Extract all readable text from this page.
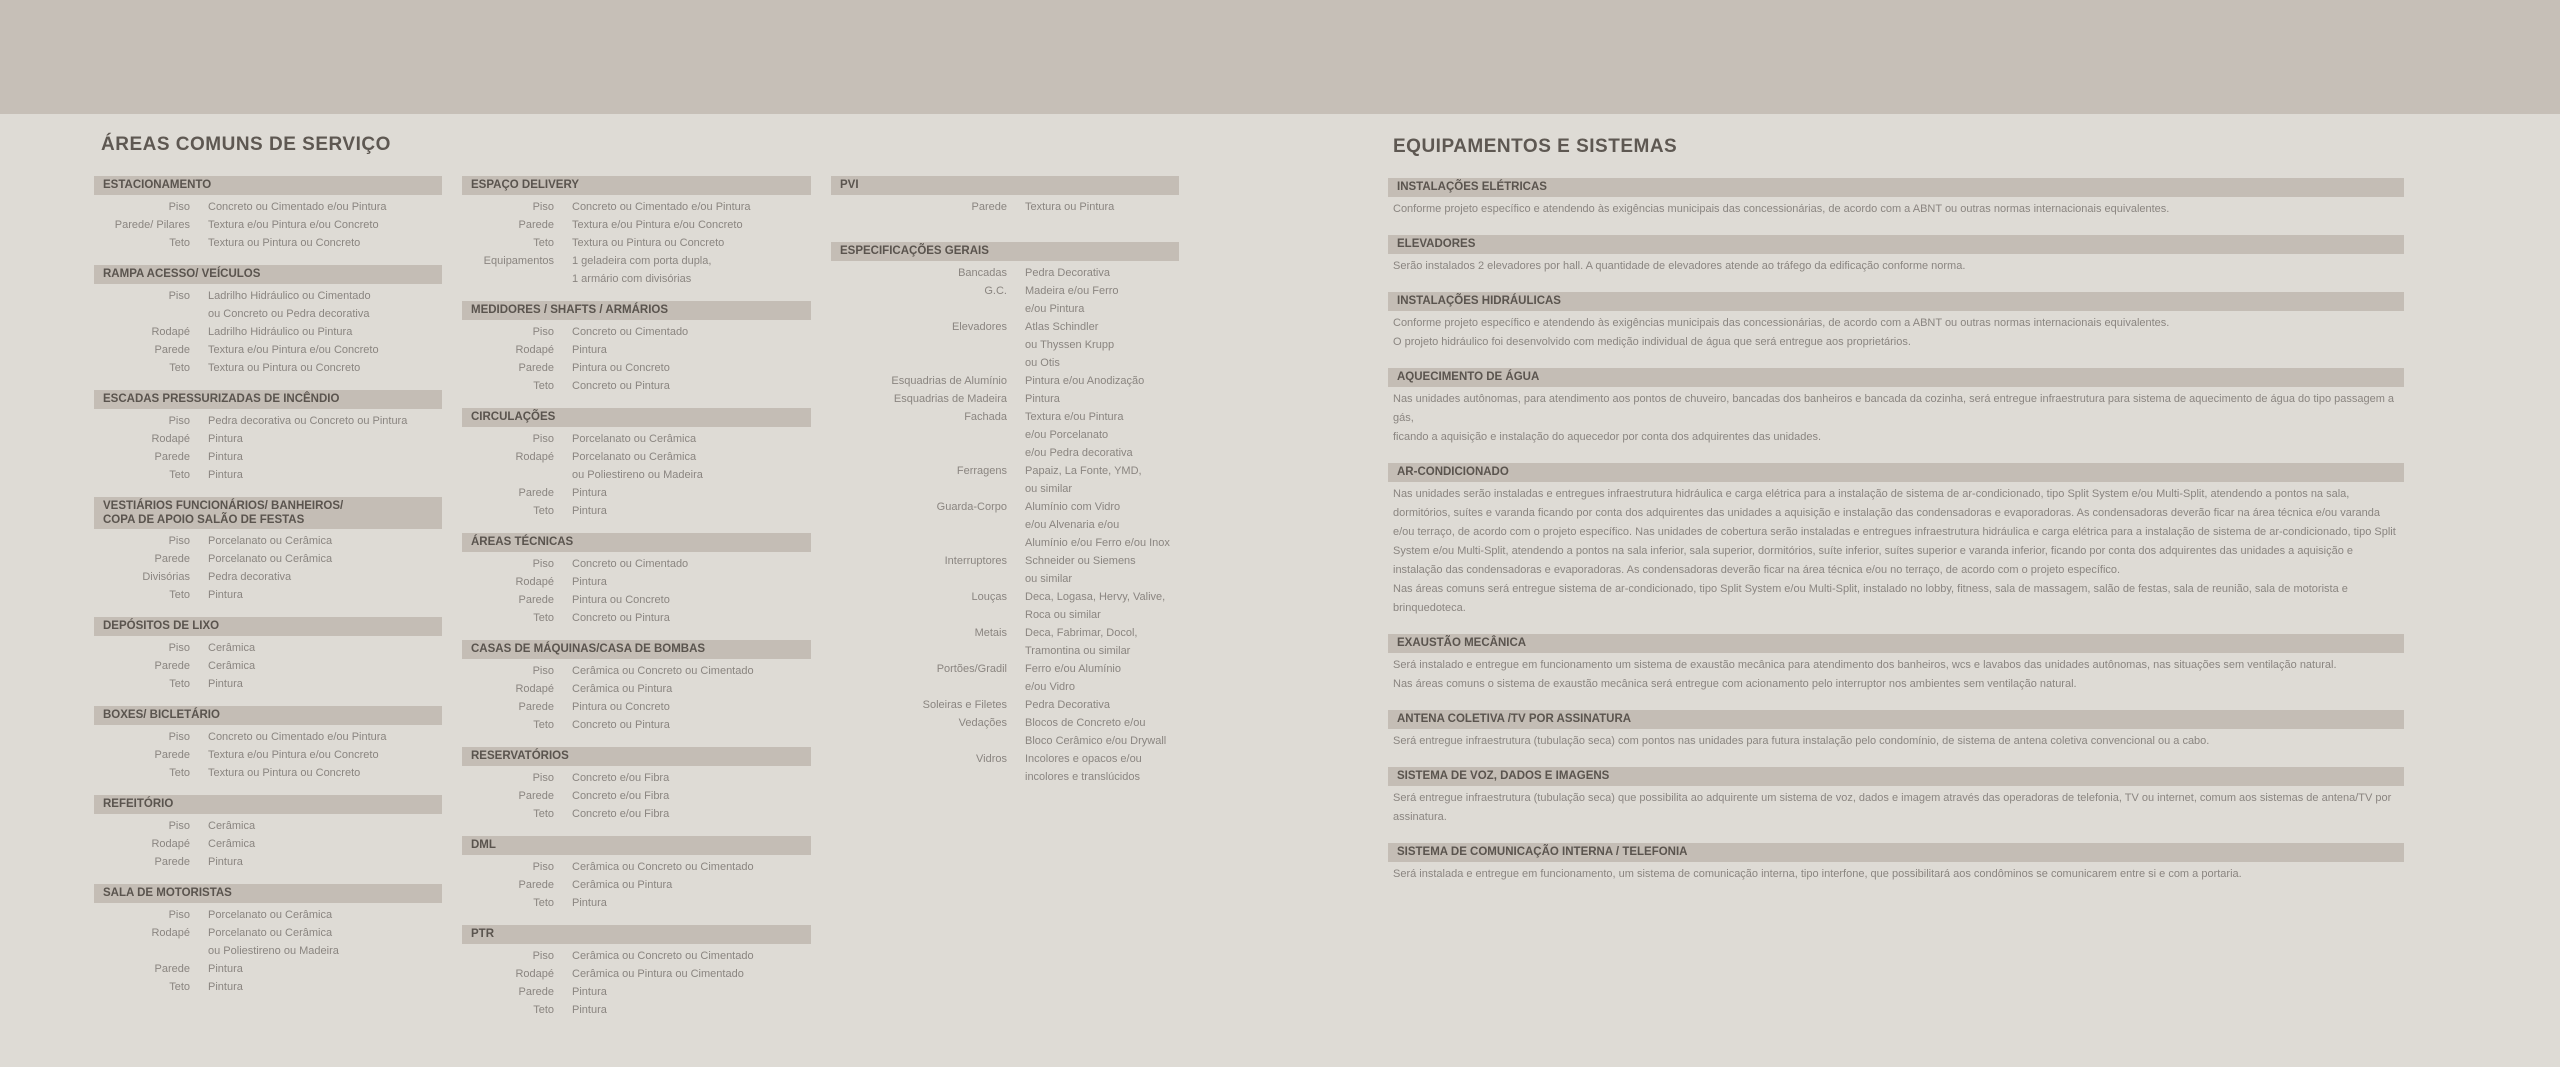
ÁREAS COMUNS DE SERVIÇO	EQUIPAMENTOS E SISTEMAS
ESTACIONAMENTO
Piso	Concreto ou Cimentado e/ou Pintura
Parede/ Pilares	Textura e/ou Pintura e/ou Concreto
Teto	Textura ou Pintura ou Concreto
RAMPA ACESSO/ VEÍCULOS
Piso	Ladrilho Hidráulico ou Cimentado
ou Concreto ou Pedra decorativa
Rodapé	Ladrilho Hidráulico ou Pintura
Parede	Textura e/ou Pintura e/ou Concreto
Teto	Textura ou Pintura ou Concreto
ESCADAS PRESSURIZADAS DE INCÊNDIO
Piso	Pedra decorativa ou Concreto ou Pintura
Rodapé	Pintura
Parede	Pintura
Teto	Pintura
VESTIÁRIOS FUNCIONÁRIOS/ BANHEIROS/
COPA DE APOIO SALÃO DE FESTAS
Piso	Porcelanato ou Cerâmica
Parede	Porcelanato ou Cerâmica
Divisórias	Pedra decorativa
Teto	Pintura
DEPÓSITOS DE LIXO
Piso	Cerâmica
Parede	Cerâmica
Teto	Pintura
BOXES/ BICLETÁRIO
Piso	Concreto ou Cimentado e/ou Pintura
Parede	Textura e/ou Pintura e/ou Concreto
Teto	Textura ou Pintura ou Concreto
REFEITÓRIO
Piso	Cerâmica
Rodapé	Cerâmica
Parede	Pintura
SALA DE MOTORISTAS
Piso	Porcelanato ou Cerâmica
Rodapé	Porcelanato ou Cerâmica
ou Poliestireno ou Madeira
Parede	Pintura
Teto	Pintura
ESPAÇO DELIVERY
Piso	Concreto ou Cimentado e/ou Pintura
Parede	Textura e/ou Pintura e/ou Concreto
Teto	Textura ou Pintura ou Concreto
Equipamentos	1 geladeira com porta dupla,
1 armário com divisórias
MEDIDORES / SHAFTS / ARMÁRIOS
Piso	Concreto ou Cimentado
Rodapé	Pintura
Parede	Pintura ou Concreto
Teto	Concreto ou Pintura
CIRCULAÇÕES
Piso	Porcelanato ou Cerâmica
Rodapé	Porcelanato ou Cerâmica
ou Poliestireno ou Madeira
Parede	Pintura
Teto	Pintura
ÁREAS TÉCNICAS
Piso	Concreto ou Cimentado
Rodapé	Pintura
Parede	Pintura ou Concreto
Teto	Concreto ou Pintura
CASAS DE MÁQUINAS/CASA DE BOMBAS
Piso	Cerâmica ou Concreto ou Cimentado
Rodapé	Cerâmica ou Pintura
Parede	Pintura ou Concreto
Teto	Concreto ou Pintura
RESERVATÓRIOS
Piso	Concreto e/ou Fibra
Parede	Concreto e/ou Fibra
Teto	Concreto e/ou Fibra
DML
Piso	Cerâmica ou Concreto ou Cimentado
Parede	Cerâmica ou Pintura
Teto	Pintura
PTR
Piso	Cerâmica ou Concreto ou Cimentado
Rodapé	Cerâmica ou Pintura ou Cimentado
Parede	Pintura
Teto	Pintura
PVI
Parede	Textura ou Pintura
ESPECIFICAÇÕES GERAIS
Bancadas	Pedra Decorativa
G.C.	Madeira e/ou Ferro
e/ou Pintura
Elevadores	Atlas Schindler
ou Thyssen Krupp
ou Otis
Esquadrias de Alumínio	Pintura e/ou Anodização
Esquadrias de Madeira	Pintura
Fachada	Textura e/ou Pintura
e/ou Porcelanato
e/ou Pedra decorativa
Ferragens	Papaiz, La Fonte, YMD,
ou similar
Guarda-Corpo	Alumínio com Vidro
e/ou Alvenaria e/ou
Alumínio e/ou Ferro e/ou Inox
Interruptores	Schneider ou Siemens
ou similar
Louças	Deca, Logasa, Hervy, Valive,
Roca ou similar
Metais	Deca, Fabrimar, Docol,
Tramontina ou similar
Portões/Gradil	Ferro e/ou Alumínio
e/ou Vidro
Soleiras e Filetes	Pedra Decorativa
Vedações	Blocos de Concreto e/ou
Bloco Cerâmico e/ou Drywall
Vidros	Incolores e opacos e/ou
incolores e translúcidos
INSTALAÇÕES ELÉTRICAS
Conforme projeto específico e atendendo às exigências municipais das concessionárias, de acordo com a ABNT ou outras normas internacionais equivalentes.
ELEVADORES
Serão instalados 2 elevadores por hall. A quantidade de elevadores atende ao tráfego da edificação conforme norma.
INSTALAÇÕES HIDRÁULICAS
Conforme projeto específico e atendendo às exigências municipais das concessionárias, de acordo com a ABNT ou outras normas internacionais equivalentes.
O projeto hidráulico foi desenvolvido com medição individual de água que será entregue aos proprietários.
AQUECIMENTO DE ÁGUA
Nas unidades autônomas, para atendimento aos pontos de chuveiro, bancadas dos banheiros e bancada da cozinha, será entregue infraestrutura para sistema de aquecimento de água do tipo passagem a gás,
ficando a aquisição e instalação do aquecedor por conta dos adquirentes das unidades.
AR-CONDICIONADO
Nas unidades serão instaladas e entregues infraestrutura hidráulica e carga elétrica para a instalação de sistema de ar-condicionado, tipo Split System e/ou Multi-Split, atendendo a pontos na sala, dormitórios, suítes e varanda ficando por conta dos adquirentes das unidades a aquisição e instalação das condensadoras e evaporadoras. As condensadoras deverão ficar na área técnica e/ou varanda e/ou terraço, de acordo com o projeto específico. Nas unidades de cobertura serão instaladas e entregues infraestrutura hidráulica e carga elétrica para a instalação de sistema de ar-condicionado, tipo Split System e/ou Multi-Split, atendendo a pontos na sala inferior, sala superior, dormitórios, suíte inferior, suítes superior e varanda inferior, ficando por conta dos adquirentes das unidades a aquisição e instalação das condensadoras e evaporadoras. As condensadoras deverão ficar na área técnica e/ou no terraço, de acordo com o projeto específico.
Nas áreas comuns será entregue sistema de ar-condicionado, tipo Split System e/ou Multi-Split, instalado no lobby, fitness, sala de massagem, salão de festas, sala de reunião, sala de motorista e brinquedoteca.
EXAUSTÃO MECÂNICA
Será instalado e entregue em funcionamento um sistema de exaustão mecânica para atendimento dos banheiros, wcs e lavabos das unidades autônomas, nas situações sem ventilação natural.
Nas áreas comuns o sistema de exaustão mecânica será entregue com acionamento pelo interruptor nos ambientes sem ventilação natural.
ANTENA COLETIVA /TV POR ASSINATURA
Será entregue infraestrutura (tubulação seca) com pontos nas unidades para futura instalação pelo condomínio, de sistema de antena coletiva convencional ou a cabo.
SISTEMA DE VOZ, DADOS E IMAGENS
Será entregue infraestrutura (tubulação seca) que possibilita ao adquirente um sistema de voz, dados e imagem através das operadoras de telefonia, TV ou internet, comum aos sistemas de antena/TV por assinatura.
SISTEMA DE COMUNICAÇÃO INTERNA / TELEFONIA
Será instalada e entregue em funcionamento, um sistema de comunicação interna, tipo interfone, que possibilitará aos condôminos se comunicarem entre si e com a portaria.
